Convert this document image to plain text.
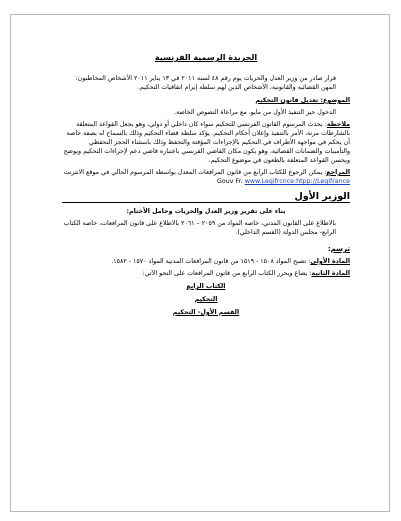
الجريدة الرسمية الفرنسية

قرار صادر من وزير العدل والحريات يوم رقم ٤٨ لسنة ٢٠١١ في ١٣ يناير ٢٠١١ الأشخاص المخاطبون: المهن القضائية والقانونية، الأشخاص الذين لهم سلطة إبرام اتفاقيات التحكيم.

الموضوع: تعديل قانون التحكيم

الدخول حيز التنفيذ الأول من مايو، مع مراعاة النصوص الخاصة.

ملاحظة: يحدث المرسوم القانون الفرنسي للتحكيم سواء كان داخلي أو دولي، وهو يجعل القواعد المتعلقة بالشارطات مرنة، الأمر بالتنفيذ وإعلان أحكام التحكيم. يؤكد سلطة قضاء التحكيم وذلك بالسماح له بصفة خاصة أن يحكم في مواجهة الأطراف في التحكيم بالإجراءات المؤقتة والتحفظ وذلك باستثناء الحجز التحفظي والتأمينات والضمانات القضائية، وهو يكون مكان القاضي الفرنسي باعتباره قاضي دعم لإجراءات التحكيم ويوضح ويحسن القواعد المتعلقة بالطعون في موضوع التحكيم.

المراجع: يمكن الرجوع للكتاب الرابع من قانون المرافعات المعدل بواسطة المرسوم الحالي في موقع الانترنت www.Legifrcnce:htpp://Legifrance Gouv Fr.

الوزير الأول

بناء على تقرير وزير العدل والحريات وحامل الأختام:

بالاطلاع على القانون المدني، خاصة المواد من ٢٠٥٩ – ٢٠٦١ بالاطلاع على قانون المرافعات، خاصة الكتاب الرابع- مجلس الدولة (القسم الداخلي).

ترسم:

المادة الأولى: تصبح المواد ١٥٠٨ - ١٥١٩ من قانون المرافعات المدنية المواد ١٥٧٠ - ١٥٨٢.

المادة الثانية: يصاغ ويحرر الكتاب الرابع من قانون المرافعات على النحو الآتي:

الكتاب الرابع

التحكيم

القسم الأول- التحكيم
